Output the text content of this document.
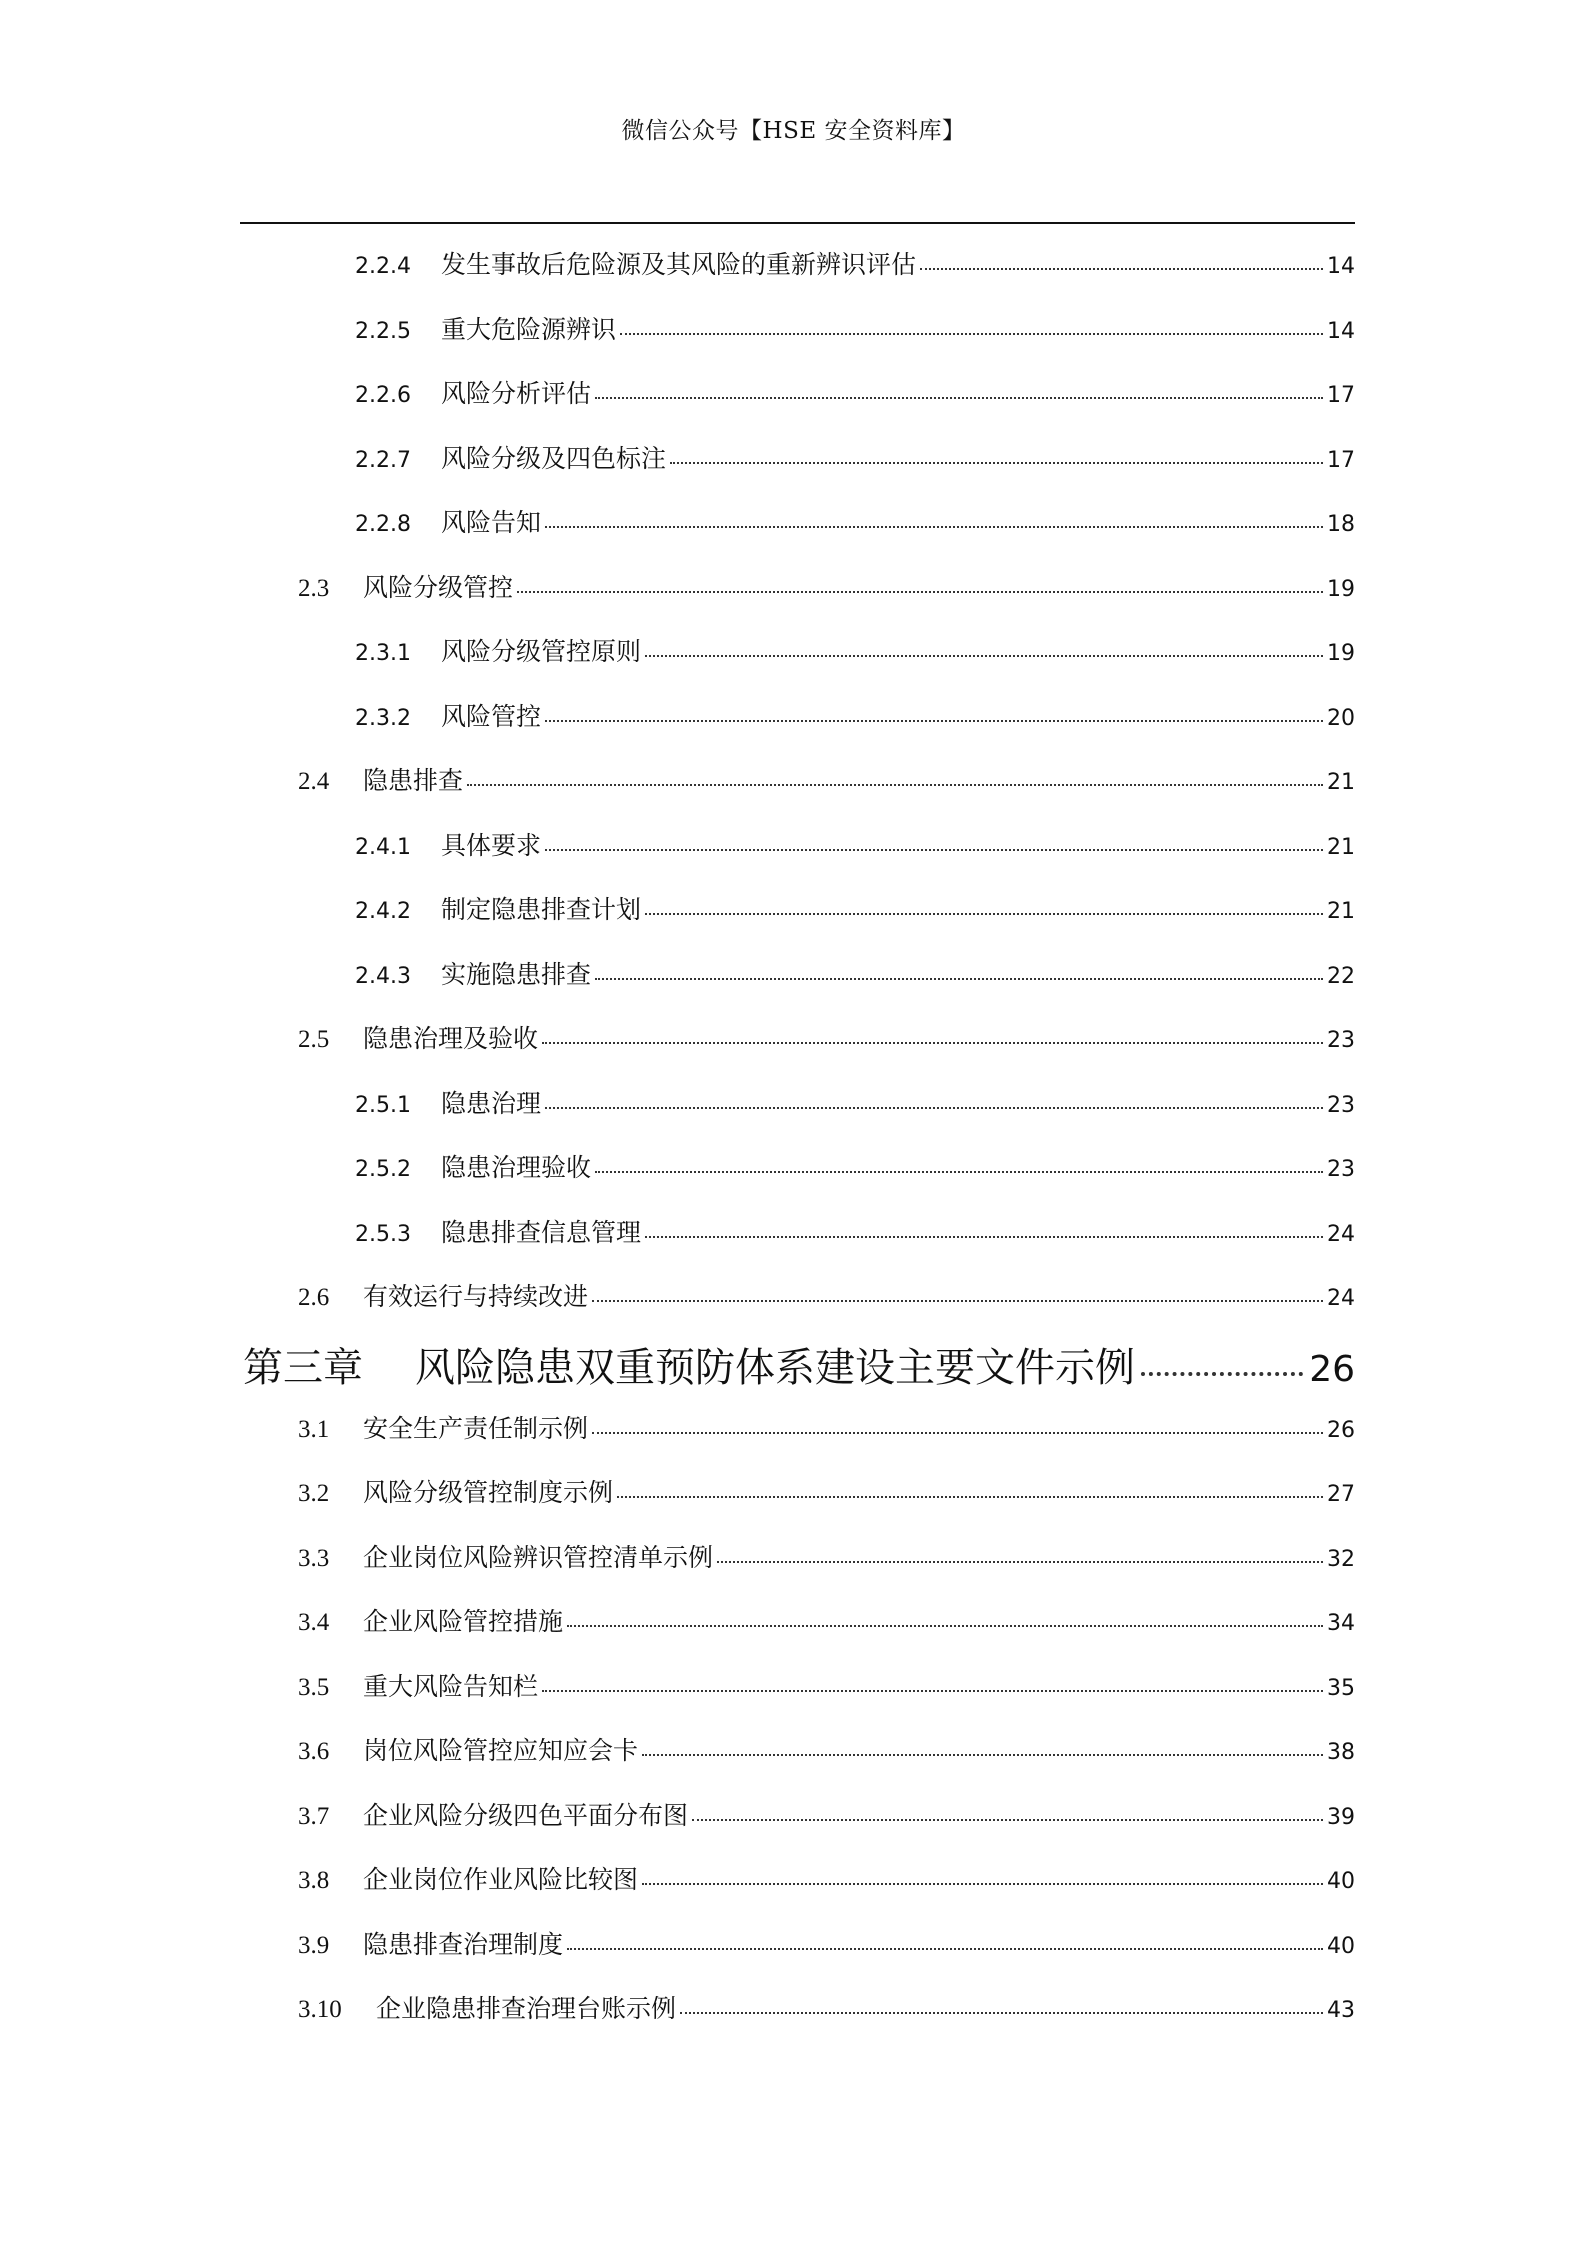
微信公众号【HSE 安全资料库】
2.2.4	发生事故后危险源及其风险的重新辨识评估	14
2.2.5	重大危险源辨识	14
2.2.6	风险分析评估	17
2.2.7	风险分级及四色标注	17
2.2.8	风险告知	18
2.3	风险分级管控	19
2.3.1	风险分级管控原则	19
2.3.2	风险管控	20
2.4	隐患排查	21
2.4.1	具体要求	21
2.4.2	制定隐患排查计划	21
2.4.3	实施隐患排查	22
2.5	隐患治理及验收	23
2.5.1	隐患治理	23
2.5.2	隐患治理验收	23
2.5.3	隐患排查信息管理	24
2.6	有效运行与持续改进	24
第三章	风险隐患双重预防体系建设主要文件示例	26
3.1	安全生产责任制示例	26
3.2	风险分级管控制度示例	27
3.3	企业岗位风险辨识管控清单示例	32
3.4	企业风险管控措施	34
3.5	重大风险告知栏	35
3.6	岗位风险管控应知应会卡	38
3.7	企业风险分级四色平面分布图	39
3.8	企业岗位作业风险比较图	40
3.9	隐患排查治理制度	40
3.10	企业隐患排查治理台账示例	43
